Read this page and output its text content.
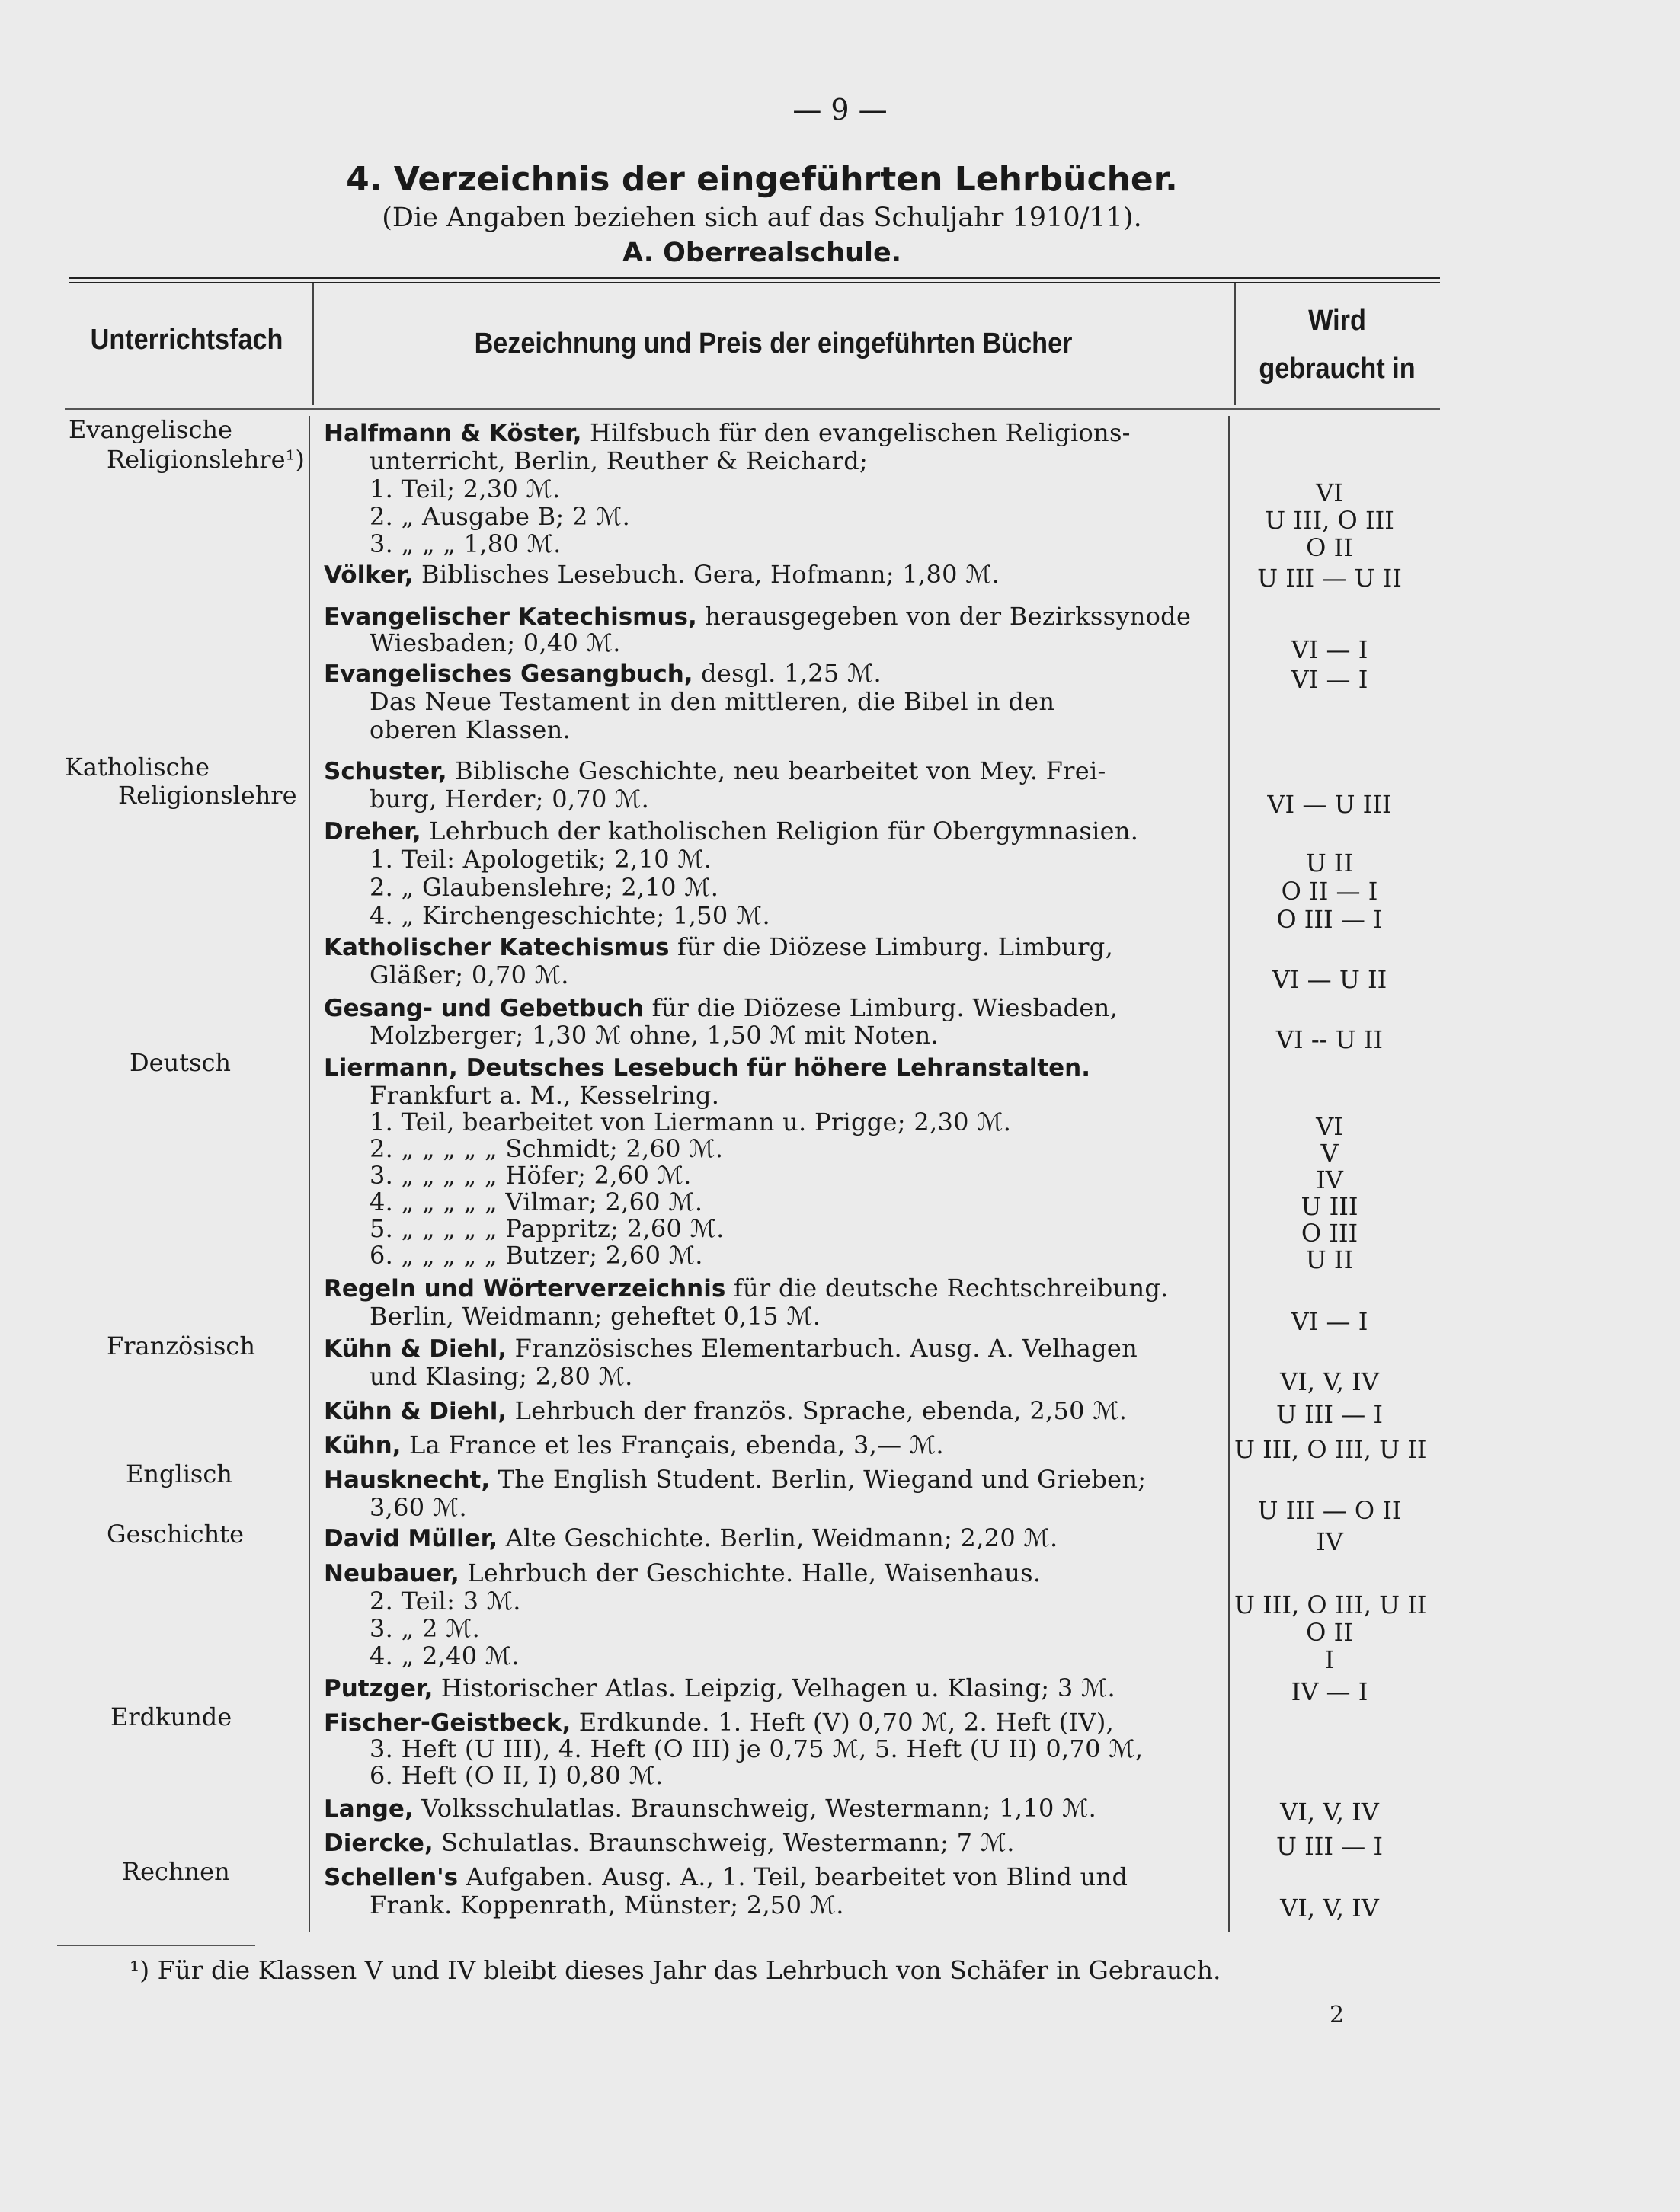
— 9 —
4. Verzeichnis der eingeführten Lehrbücher.
(Die Angaben beziehen sich auf das Schuljahr 1910/11).
A. Oberrealschule.
Unterrichtsfach	Bezeichnung und Preis der eingeführten Bücher
Wird
gebraucht in
Evangelische
Religionslehre¹)
Katholische
Religionslehre
Deutsch
Französisch
Englisch
Geschichte
Erdkunde
Rechnen
Halfmann & Köster, Hilfsbuch für den evangelischen Religions-
unterricht, Berlin, Reuther & Reichard;
1. Teil; 2,30 ℳ.
2. „ Ausgabe B; 2 ℳ.
3. „ „ „ 1,80 ℳ.
Völker, Biblisches Lesebuch. Gera, Hofmann; 1,80 ℳ.
Evangelischer Katechismus, herausgegeben von der Bezirkssynode
Wiesbaden; 0,40 ℳ.
Evangelisches Gesangbuch, desgl. 1,25 ℳ.
Das Neue Testament in den mittleren, die Bibel in den
oberen Klassen.
Schuster, Biblische Geschichte, neu bearbeitet von Mey. Frei-
burg, Herder; 0,70 ℳ.
Dreher, Lehrbuch der katholischen Religion für Obergymnasien.
1. Teil: Apologetik; 2,10 ℳ.
2. „ Glaubenslehre; 2,10 ℳ.
4. „ Kirchengeschichte; 1,50 ℳ.
Katholischer Katechismus für die Diözese Limburg. Limburg,
Gläßer; 0,70 ℳ.
Gesang- und Gebetbuch für die Diözese Limburg. Wiesbaden,
Molzberger; 1,30 ℳ ohne, 1,50 ℳ mit Noten.
Liermann, Deutsches Lesebuch für höhere Lehranstalten.
Frankfurt a. M., Kesselring.
1. Teil, bearbeitet von Liermann u. Prigge; 2,30 ℳ.
2. „ „ „ „ „ Schmidt; 2,60 ℳ.
3. „ „ „ „ „ Höfer; 2,60 ℳ.
4. „ „ „ „ „ Vilmar; 2,60 ℳ.
5. „ „ „ „ „ Pappritz; 2,60 ℳ.
6. „ „ „ „ „ Butzer; 2,60 ℳ.
Regeln und Wörterverzeichnis für die deutsche Rechtschreibung.
Berlin, Weidmann; geheftet 0,15 ℳ.
Kühn & Diehl, Französisches Elementarbuch. Ausg. A. Velhagen
und Klasing; 2,80 ℳ.
Kühn & Diehl, Lehrbuch der französ. Sprache, ebenda, 2,50 ℳ.
Kühn, La France et les Français, ebenda, 3,— ℳ.
Hausknecht, The English Student. Berlin, Wiegand und Grieben;
3,60 ℳ.
David Müller, Alte Geschichte. Berlin, Weidmann; 2,20 ℳ.
Neubauer, Lehrbuch der Geschichte. Halle, Waisenhaus.
2. Teil: 3 ℳ.
3. „ 2 ℳ.
4. „ 2,40 ℳ.
Putzger, Historischer Atlas. Leipzig, Velhagen u. Klasing; 3 ℳ.
Fischer-Geistbeck, Erdkunde. 1. Heft (V) 0,70 ℳ, 2. Heft (IV),
3. Heft (U III), 4. Heft (O III) je 0,75 ℳ, 5. Heft (U II) 0,70 ℳ,
6. Heft (O II, I) 0,80 ℳ.
Lange, Volksschulatlas. Braunschweig, Westermann; 1,10 ℳ.
Diercke, Schulatlas. Braunschweig, Westermann; 7 ℳ.
Schellen's Aufgaben. Ausg. A., 1. Teil, bearbeitet von Blind und
Frank. Koppenrath, Münster; 2,50 ℳ.
VI
U III, O III
O II
U III — U II
VI — I
VI — I
VI — U III
U II
O II — I
O III — I
VI — U II
VI -- U II
VI
V
IV
U III
O III
U II
VI — I
VI, V, IV
U III — I
U III, O III, U II
U III — O II
IV
U III, O III, U II
O II
I
IV — I
VI, V, IV
U III — I
VI, V, IV
¹) Für die Klassen V und IV bleibt dieses Jahr das Lehrbuch von Schäfer in Gebrauch.
2
